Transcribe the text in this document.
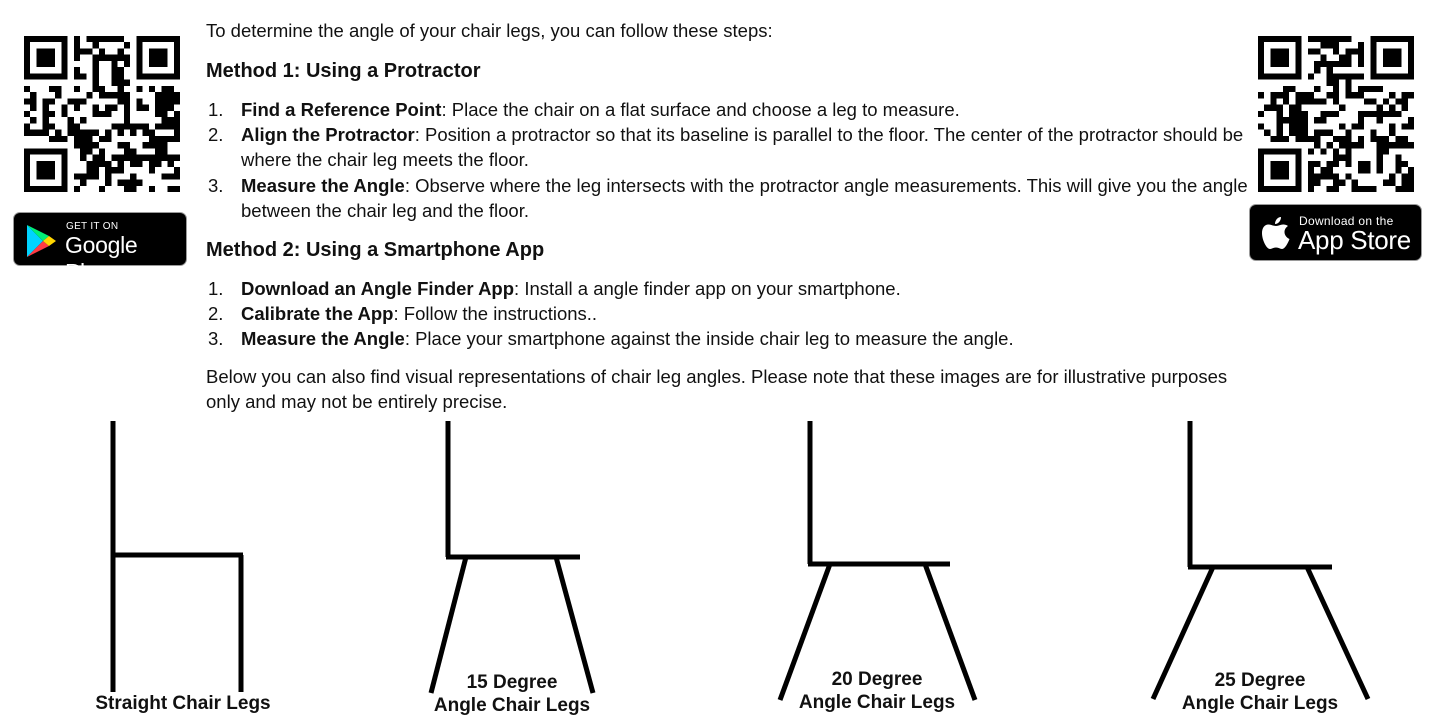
GET IT ON
Google Play
Download on the
App Store
To determine the angle of your chair legs, you can follow these steps:
Method 1: Using a Protractor
1. Find a Reference Point: Place the chair on a flat surface and choose a leg to measure.
2. Align the Protractor: Position a protractor so that its baseline is parallel to the floor. The center of the protractor should be
where the chair leg meets the floor.
3. Measure the Angle: Observe where the leg intersects with the protractor angle measurements. This will give you the angle
between the chair leg and the floor.
Method 2: Using a Smartphone App
1. Download an Angle Finder App: Install a angle finder app on your smartphone.
2. Calibrate the App: Follow the instructions..
3. Measure the Angle: Place your smartphone against the inside chair leg to measure the angle.
Below you can also find visual representations of chair leg angles. Please note that these images are for illustrative purposes
only and may not be entirely precise.
Straight Chair Legs
15 Degree
Angle Chair Legs
20 Degree
Angle Chair Legs
25 Degree
Angle Chair Legs
